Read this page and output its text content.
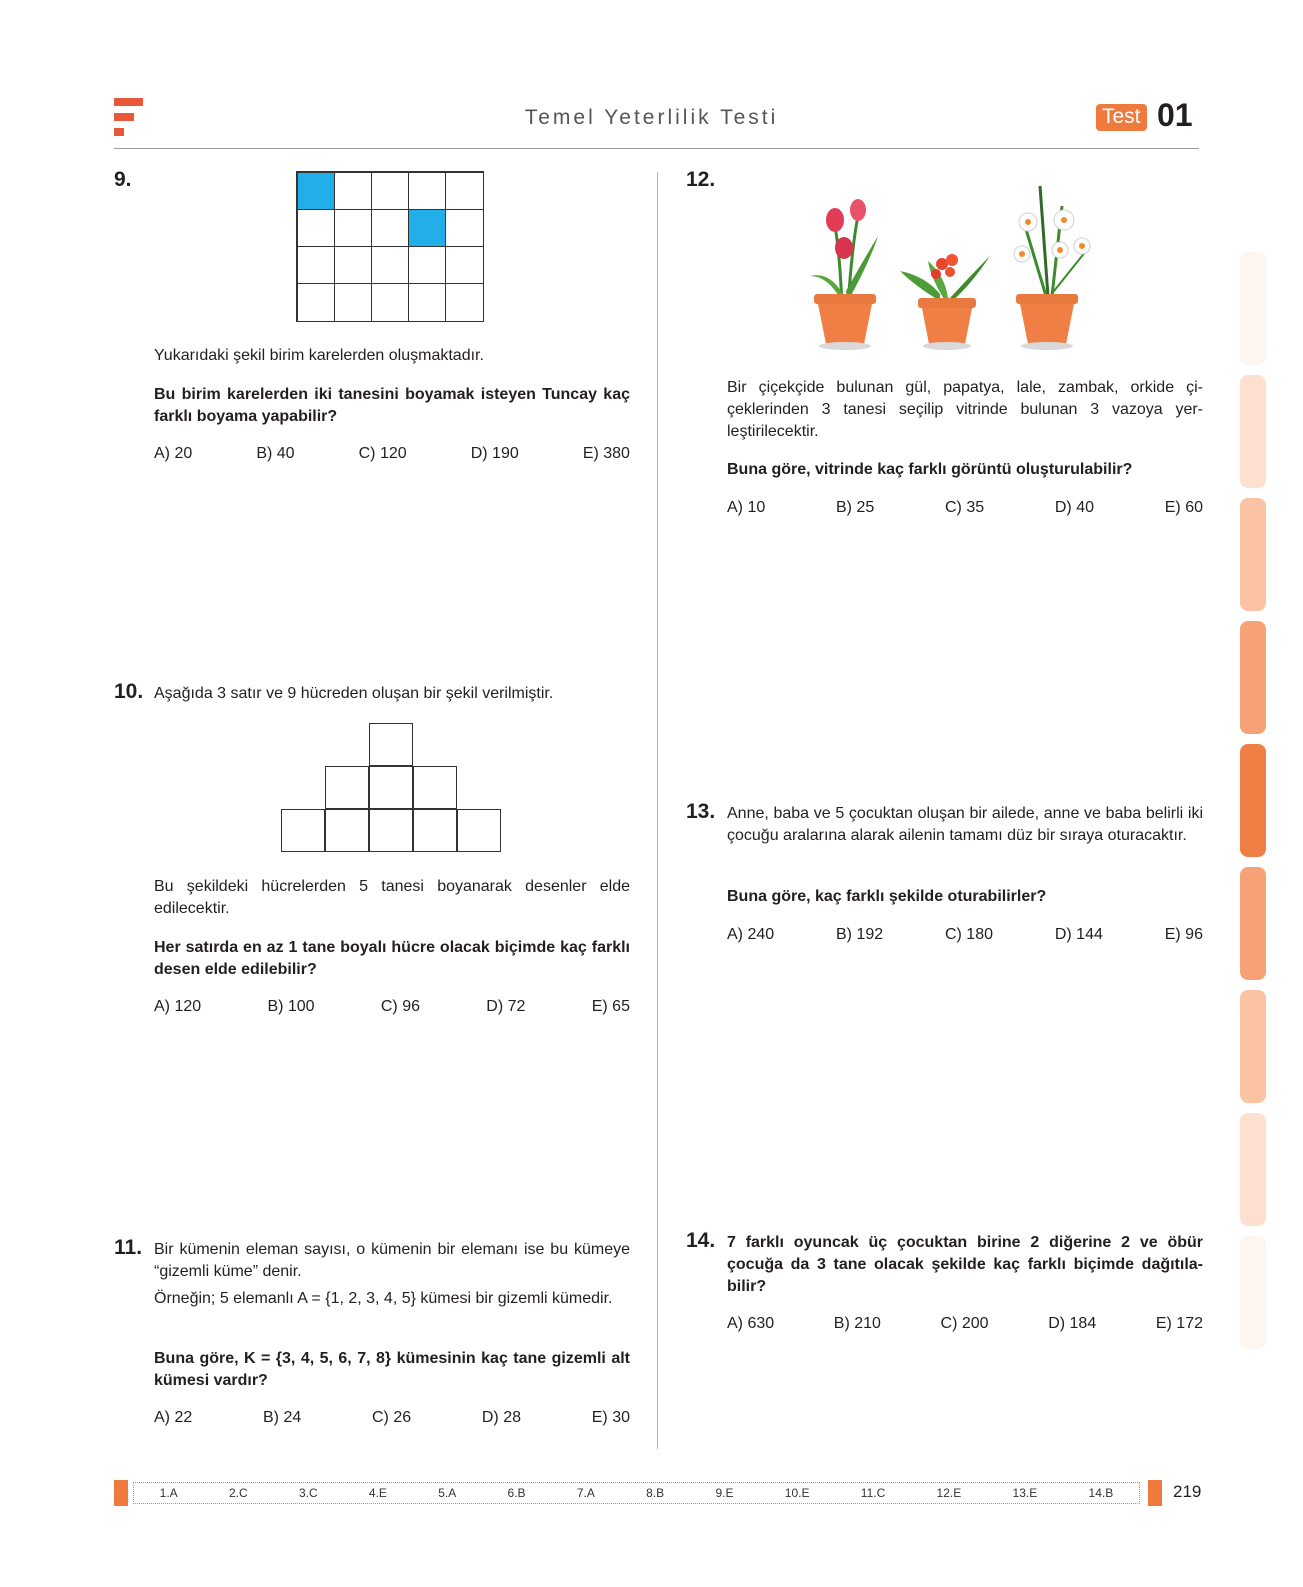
Temel Yeterlilik Testi	Test 01
9.
Yukarıdaki şekil birim karelerden oluşmaktadır.
Bu birim karelerden iki tanesini boyamak isteyen Tuncay kaç farklı boyama yapabilir?
A) 20	B) 40	C) 120	D) 190	E) 380
10. Aşağıda 3 satır ve 9 hücreden oluşan bir şekil verilmiştir.
Bu şekildeki hücrelerden 5 tanesi boyanarak desenler elde edilecektir.
Her satırda en az 1 tane boyalı hücre olacak biçimde kaç farklı desen elde edilebilir?
A) 120	B) 100	C) 96	D) 72	E) 65
11. Bir kümenin eleman sayısı, o kümenin bir elemanı ise bu kümeye “gizemli küme” denir.
Örneğin; 5 elemanlı A = {1, 2, 3, 4, 5} kümesi bir gizemli kümedir.
Buna göre, K = {3, 4, 5, 6, 7, 8} kümesinin kaç tane gizemli alt kümesi vardır?
A) 22	B) 24	C) 26	D) 28	E) 30
12.
Bir çiçekçide bulunan gül, papatya, lale, zambak, orkide çiçeklerinden 3 tanesi seçilip vitrinde bulunan 3 vazoya yerleştirilecektir.
Buna göre, vitrinde kaç farklı görüntü oluşturulabilir?
A) 10	B) 25	C) 35	D) 40	E) 60
13. Anne, baba ve 5 çocuktan oluşan bir ailede, anne ve baba belirli iki çocuğu aralarına alarak ailenin tamamı düz bir sıraya oturacaktır.
Buna göre, kaç farklı şekilde oturabilirler?
A) 240	B) 192	C) 180	D) 144	E) 96
14. 7 farklı oyuncak üç çocuktan birine 2 diğerine 2 ve öbür çocuğa da 3 tane olacak şekilde kaç farklı biçimde dağıtılabilir?
A) 630	B) 210	C) 200	D) 184	E) 172
1.A	2.C	3.C	4.E	5.A	6.B	7.A	8.B	9.E	10.E	11.C	12.E	13.E	14.B	219
